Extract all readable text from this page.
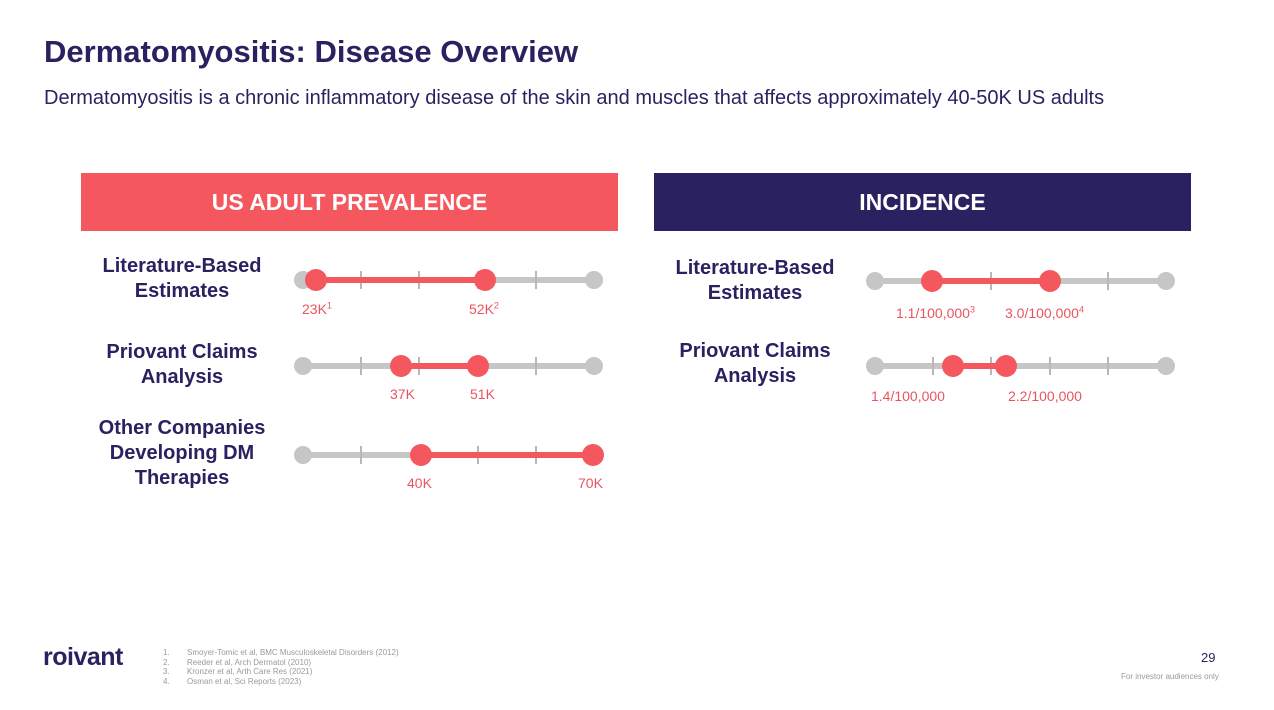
Dermatomyositis: Disease Overview
Dermatomyositis is a chronic inflammatory disease of the skin and muscles that affects approximately 40-50K US adults
US ADULT PREVALENCE	INCIDENCE
Literature-Based Estimates
$23K^1$	$52K^2$
Priovant Claims Analysis
37K	51K
Other Companies Developing DM Therapies	40K	70K
Literature-Based Estimates
1.1/100,000$^3$ 3.0/100,000$^4$
Priovant Claims Analysis
1.4/100,000	2.2/100,000
roivant	1.	Smoyer-Tomic et al, BMC Musculoskeletal Disorders (2012)
2.	Reeder et al, Arch Dermatol (2010)
3.	Kronzer et al, Arth Care Res (2021)
4.	Osman et al, Sci Reports (2023)
29
For investor audiences only
